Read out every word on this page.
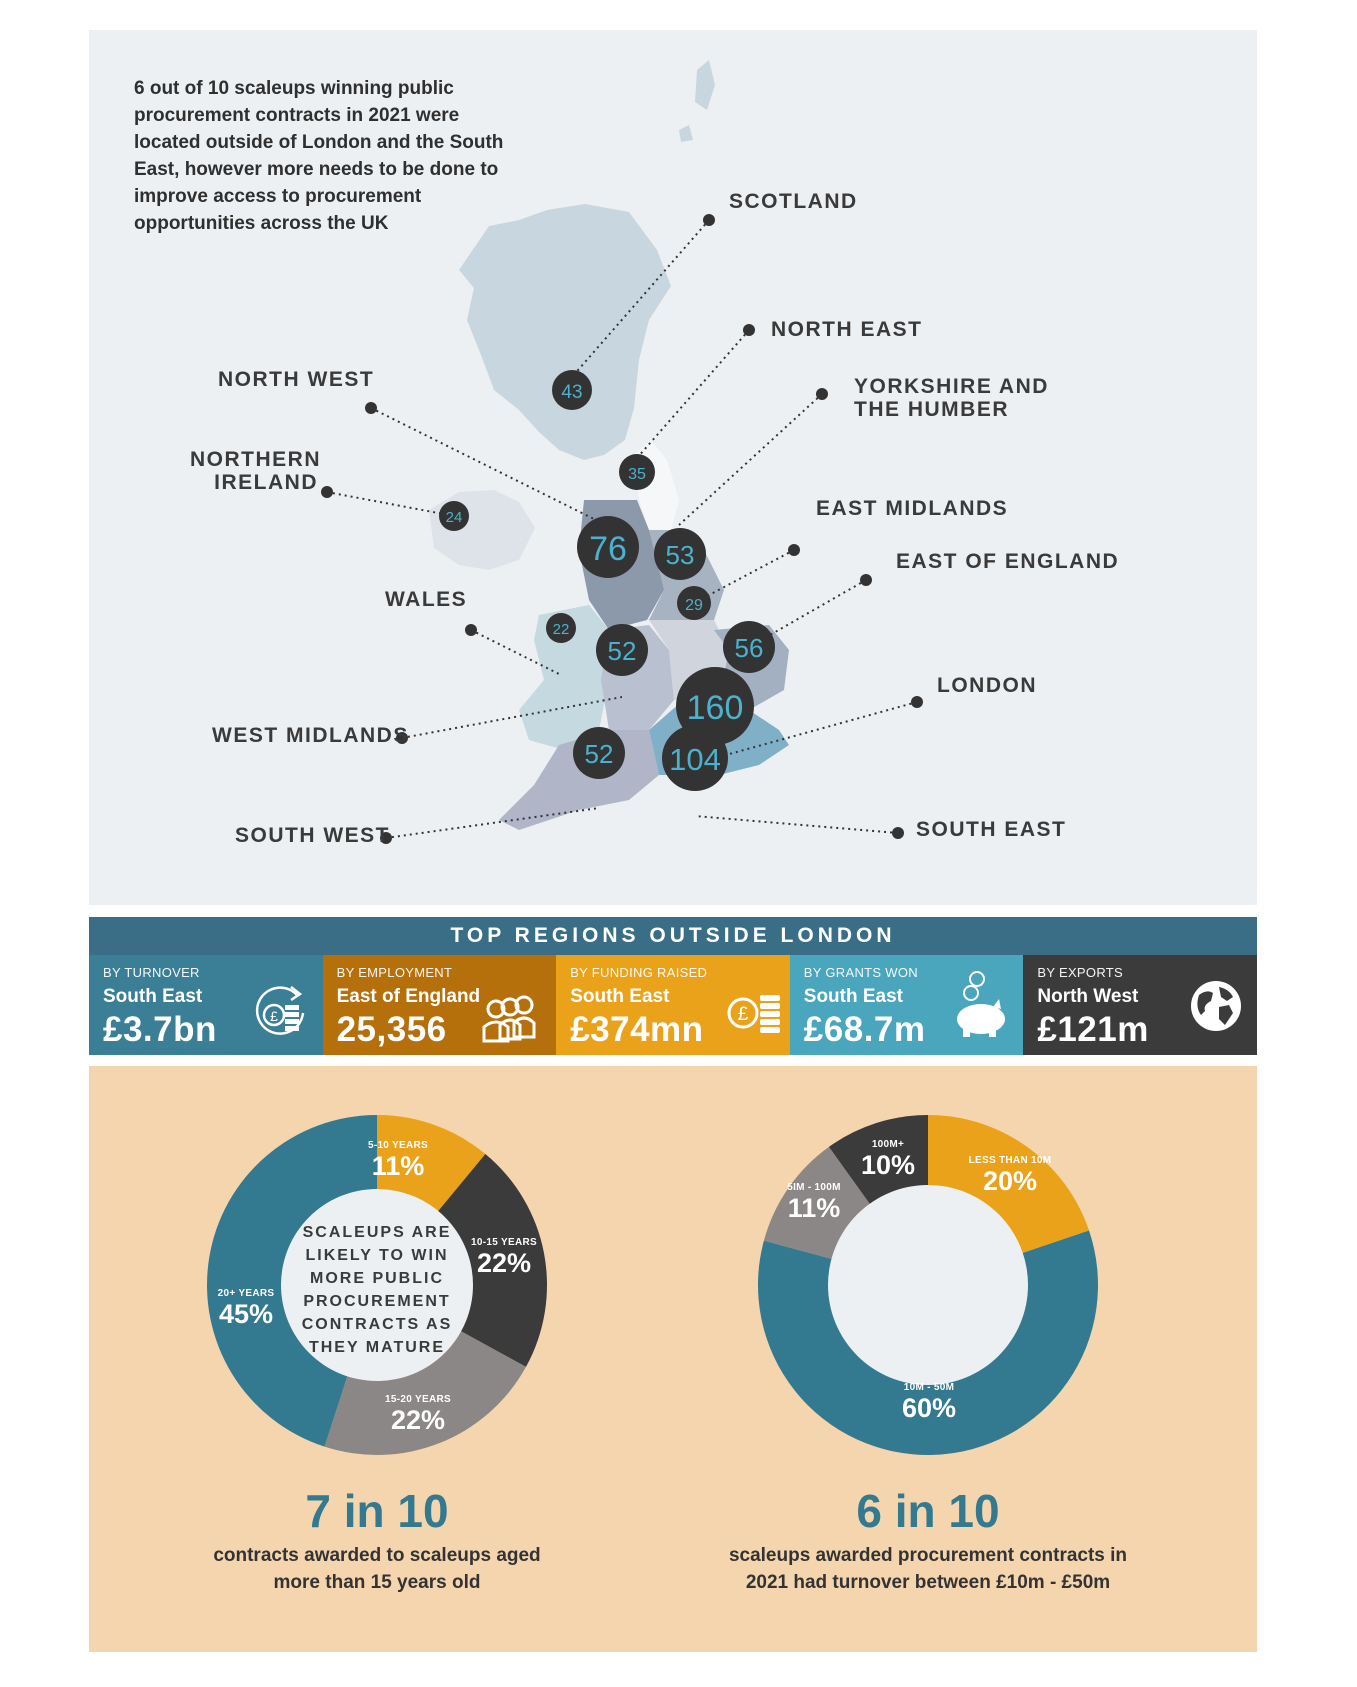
6 out of 10 scaleups winning public procurement contracts in 2021 were located outside of London and the South East, however more needs to be done to improve access to procurement opportunities across the UK

43
35
76 53
24
29
56
22
52
160
52 104
SCOTLAND
NORTH EAST
YORKSHIRE AND
THE HUMBER
NORTH WEST
NORTHERN
IRELAND
EAST MIDLANDS
EAST OF ENGLAND
WALES
WEST MIDLANDS
LONDON
SOUTH WEST	SOUTH EAST
TOP REGIONS OUTSIDE LONDON
BY TURNOVER
South East
£3.7bn	£
BY EMPLOYMENT
East of England
25,356
BY FUNDING RAISED
South East
£374mn £
BY GRANTS WON
South East
£68.7m
BY EXPORTS
North West
£121m
SCALEUPS ARE
LIKELY TO WIN
MORE PUBLIC
PROCUREMENT
CONTRACTS AS
THEY MATURE
5-10 YEARS
11%
10-15 YEARS
22%
15-20 YEARS
22%
20+ YEARS
45%
7 in 10
contracts awarded to scaleups aged
more than 15 years old
LESS THAN 10M
20%
10M - 50M
60%
5IM - 100M
11%
100M+
10%
6 in 10
scaleups awarded procurement contracts in
2021 had turnover between £10m - £50m
